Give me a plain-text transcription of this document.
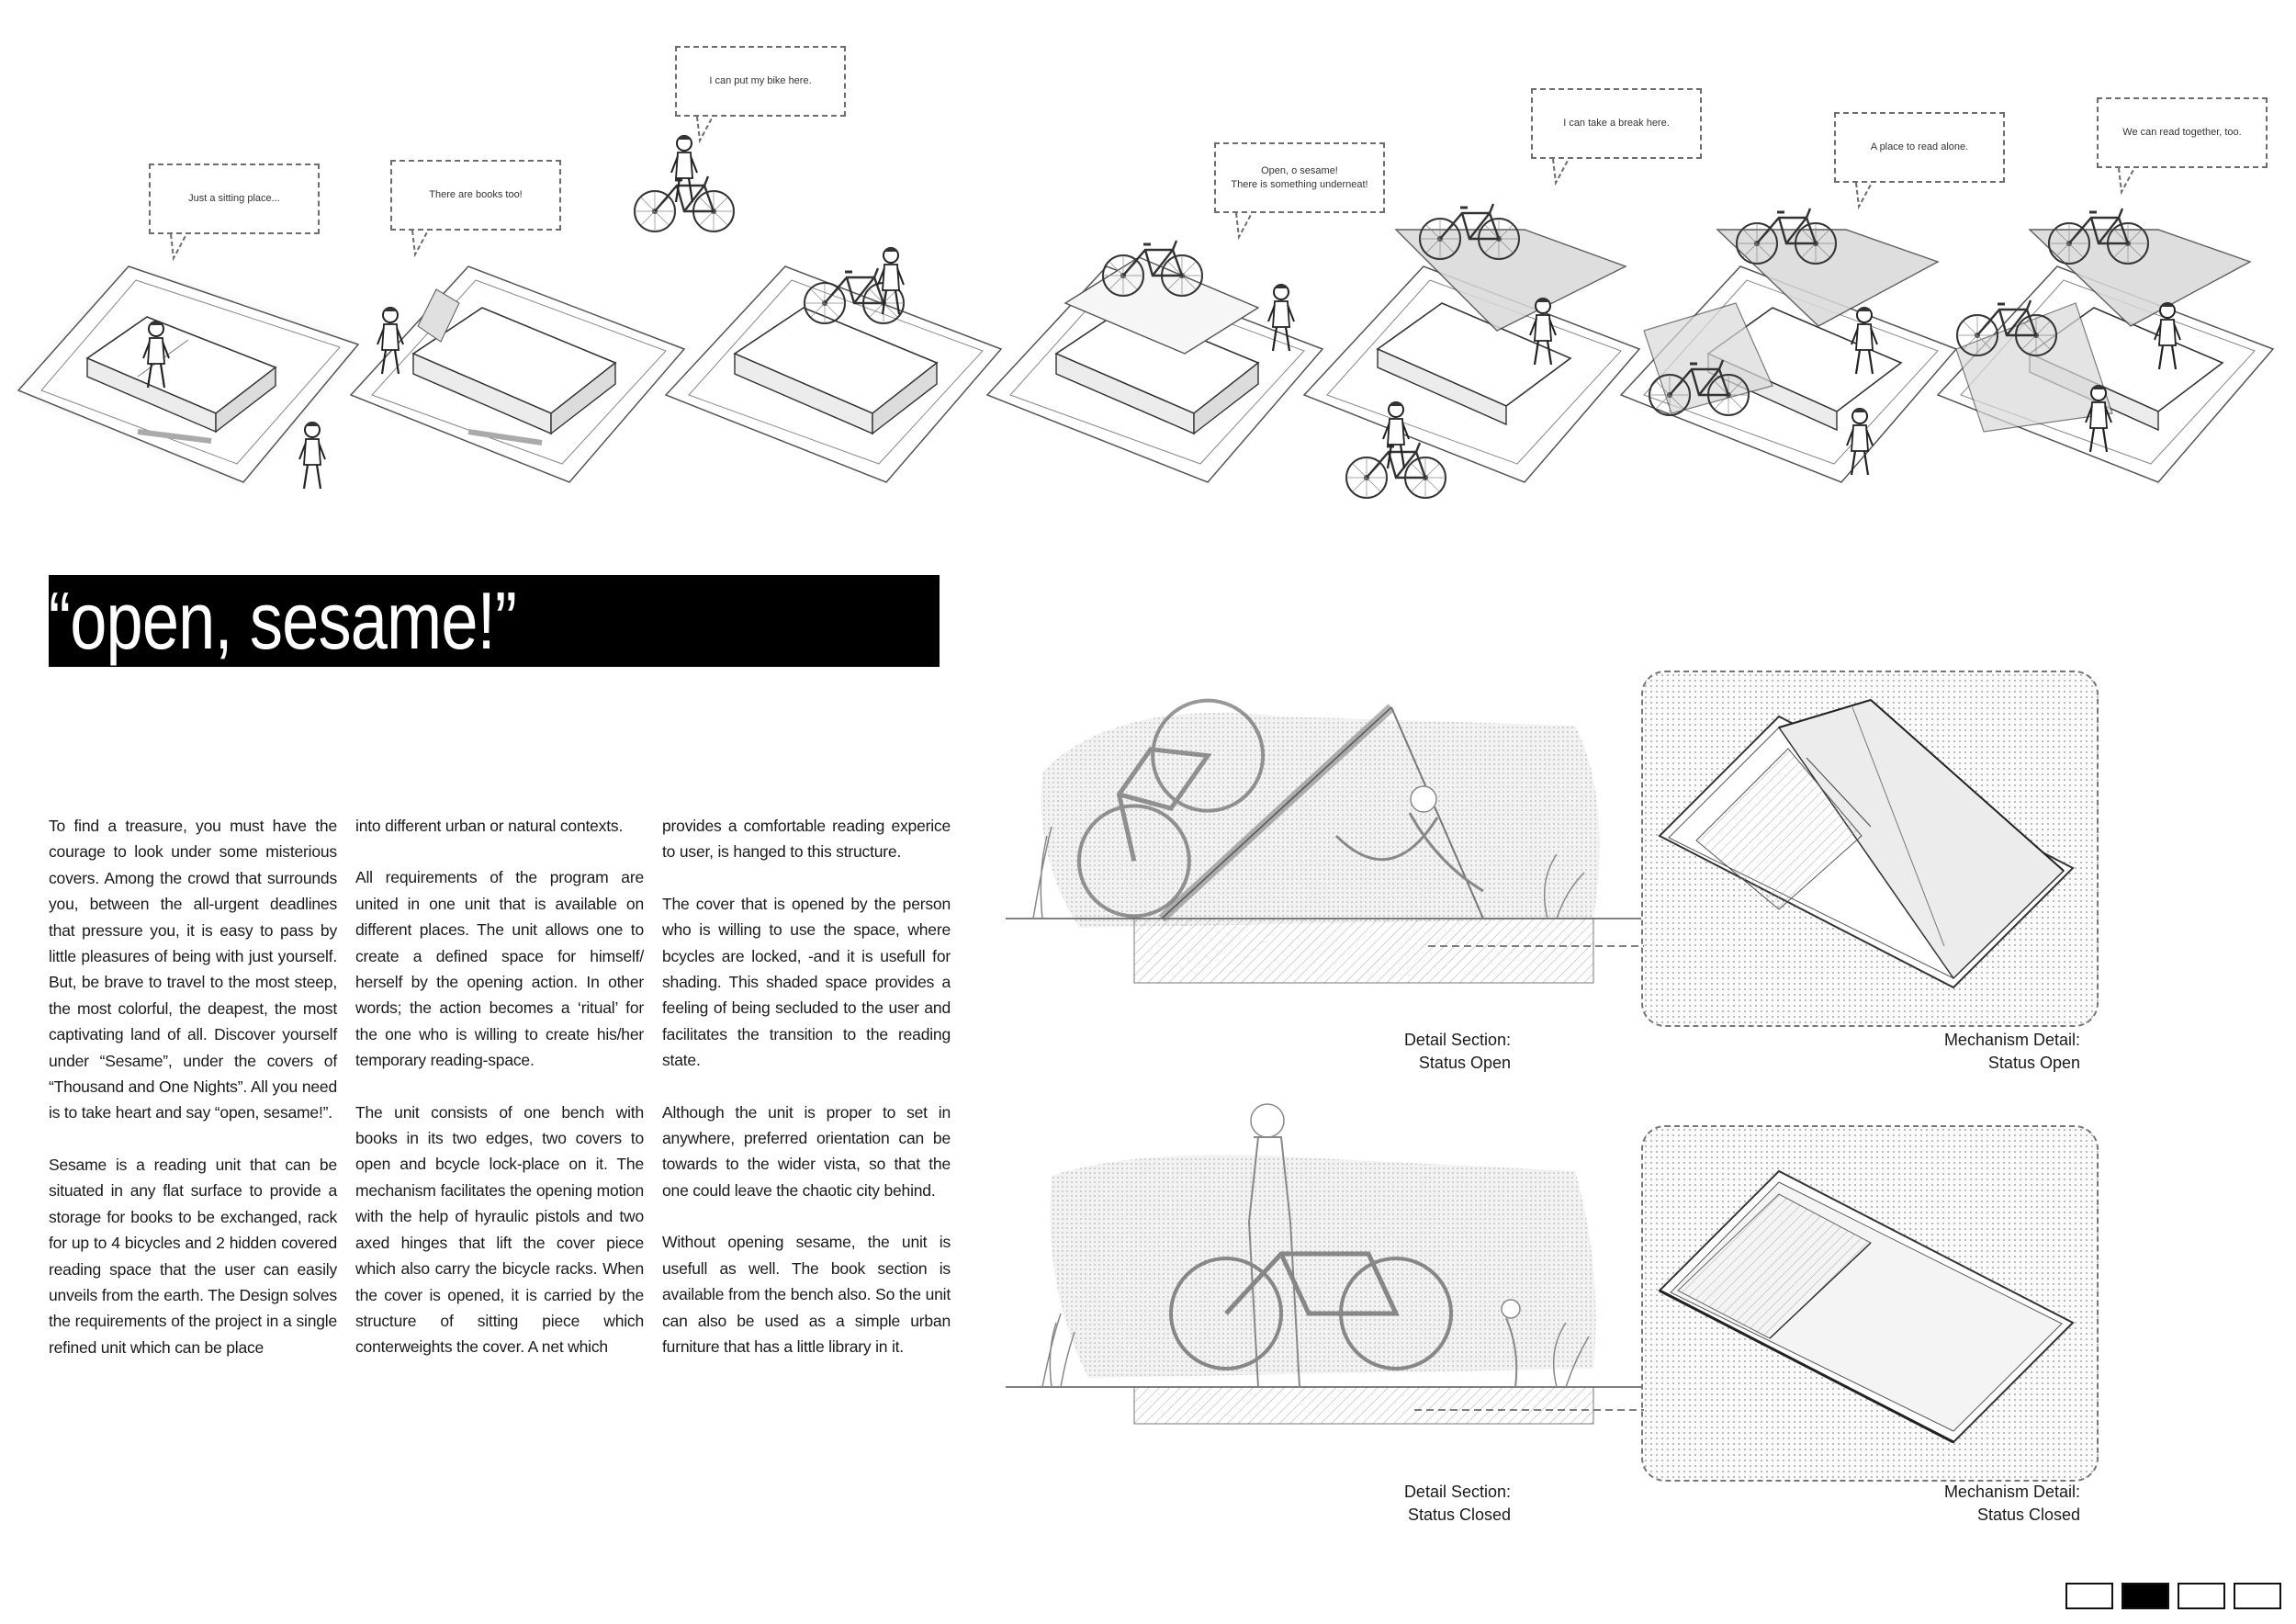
Just a sitting place...	There are books too!
I can put my bike here.
Open, o sesame!
There is something underneat!
I can take a break here.
A place to read alone.
We can read together, too.
“open, sesame!”

To find a treasure, you must have the courage to look under some misterious covers. Among the crowd that surrounds you, between the all-urgent deadlines that pressure you, it is easy to pass by little pleasures of being with just yourself. But, be brave to travel to the most steep, the most colorful, the deapest, the most captivating land of all. Discover yourself under “Sesame”, under the covers of “Thousand and One Nights”. All you need is to take heart and say “open, sesame!”.

Sesame is a reading unit that can be situated in any flat surface to provide a storage for books to be exchanged, rack for up to 4 bicycles and 2 hidden covered reading space that the user can easily unveils from the earth. The Design solves the requirements of the project in a single refined unit which can be place

into different urban or natural contexts.

All requirements of the program are united in one unit that is available on different places. The unit allows one to create a defined space for himself/ herself by the opening action. In other words; the action becomes a ‘ritual’ for the one who is willing to create his/her temporary reading-space.

The unit consists of one bench with books in its two edges, two covers to open and bcycle lock-place on it. The mechanism facilitates the opening motion with the help of hyraulic pistols and two axed hinges that lift the cover piece which also carry the bicycle racks. When the cover is opened, it is carried by the structure of sitting piece which conterweights the cover. A net which

provides a comfortable reading experice to user, is hanged to this structure.

The cover that is opened by the person who is willing to use the space, where bcycles are locked, -and it is usefull for shading. This shaded space provides a feeling of being secluded to the user and facilitates the transition to the reading state.

Although the unit is proper to set in anywhere, preferred orientation can be towards to the wider vista, so that the one could leave the chaotic city behind.

Without opening sesame, the unit is usefull as well. The book section is available from the bench also. So the unit can also be used as a simple urban furniture that has a little library in it.

Detail Section:
Status Open
Mechanism Detail:
Status Open
Detail Section:
Status Closed
Mechanism Detail:
Status Closed
